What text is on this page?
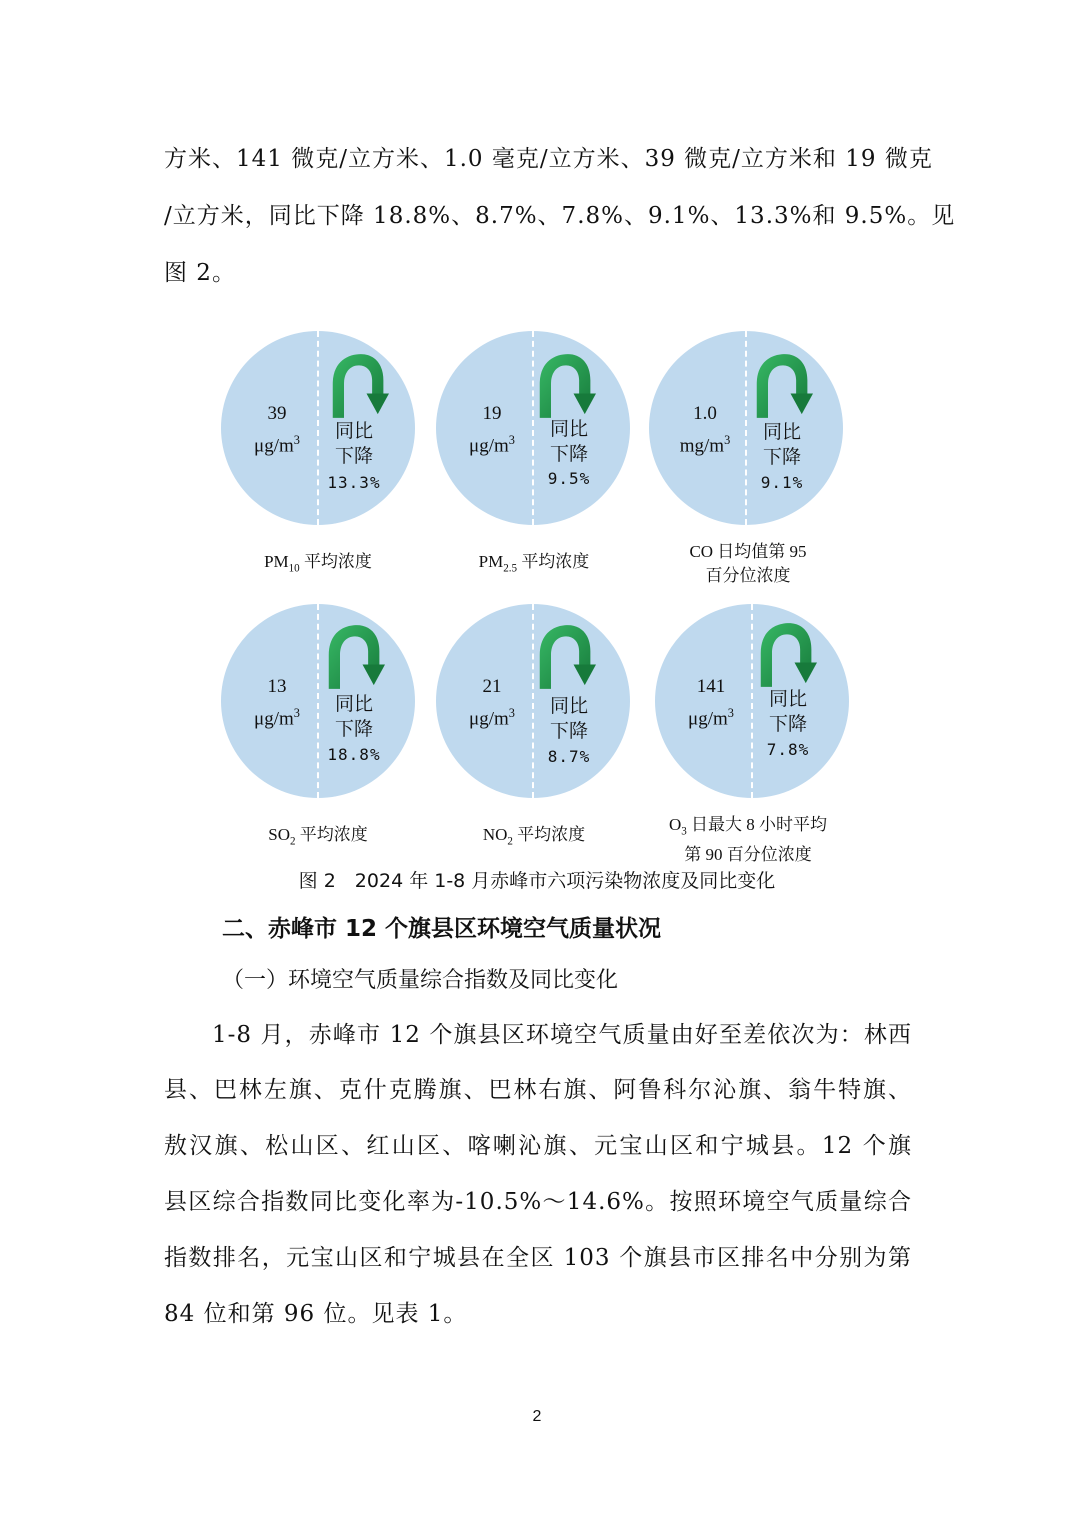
方米、141 微克/立方米、1.0 毫克/立方米、39 微克/立方米和 19 微克

/立方米，同比下降 18.8%、8.7%、7.8%、9.1%、13.3%和 9.5%。见

图 2。

39
$\mu g/m^3$	同比
下降
13.3%
$PM_{10}$ 平均浓度
19
$\mu g/m^3$	同比
下降
9.5%
$PM_{2.5}$ 平均浓度
1.0
$mg/m^3$	同比
下降
9.1%
CO 日均值第 95
百分位浓度
13
$\mu g/m^3$	同比
下降
18.8%
$SO_2$ 平均浓度
21
$\mu g/m^3$	同比
下降
8.7%
$NO_2$ 平均浓度
141
$\mu g/m^3$
同比
下降
7.8%
$O_3$ 日最大 8 小时平均
第 90 百分位浓度
图 2　2024 年 1-8 月赤峰市六项污染物浓度及同比变化
二、赤峰市 12 个旗县区环境空气质量状况
（一）环境空气质量综合指数及同比变化

1-8 月，赤峰市 12 个旗县区环境空气质量由好至差依次为：林西

县、巴林左旗、克什克腾旗、巴林右旗、阿鲁科尔沁旗、翁牛特旗、

敖汉旗、松山区、红山区、喀喇沁旗、元宝山区和宁城县。12 个旗

县区综合指数同比变化率为-10.5%～14.6%。按照环境空气质量综合

指数排名，元宝山区和宁城县在全区 103 个旗县市区排名中分别为第

84 位和第 96 位。见表 1。

2
